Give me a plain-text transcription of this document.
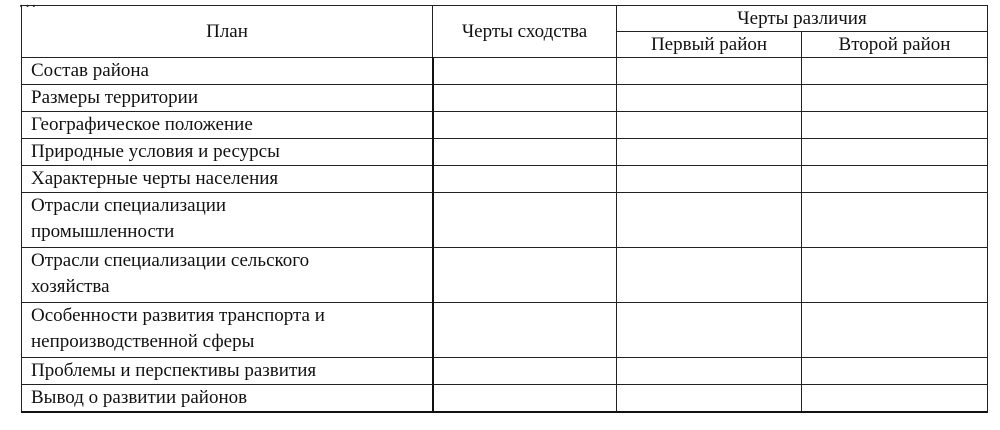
…
План	Черты сходства	Черты различия	
		Первый район	Второй район

Состав района			

Размеры территории			

Географическое положение			

Природные условия и ресурсы			

Характерные черты населения			

Отрасли специализации
промышленности			

Отрасли специализации сельского
хозяйства			

Особенности развития транспорта и
непроизводственной сферы			

Проблемы и перспективы развития			

Вывод о развитии районов			
